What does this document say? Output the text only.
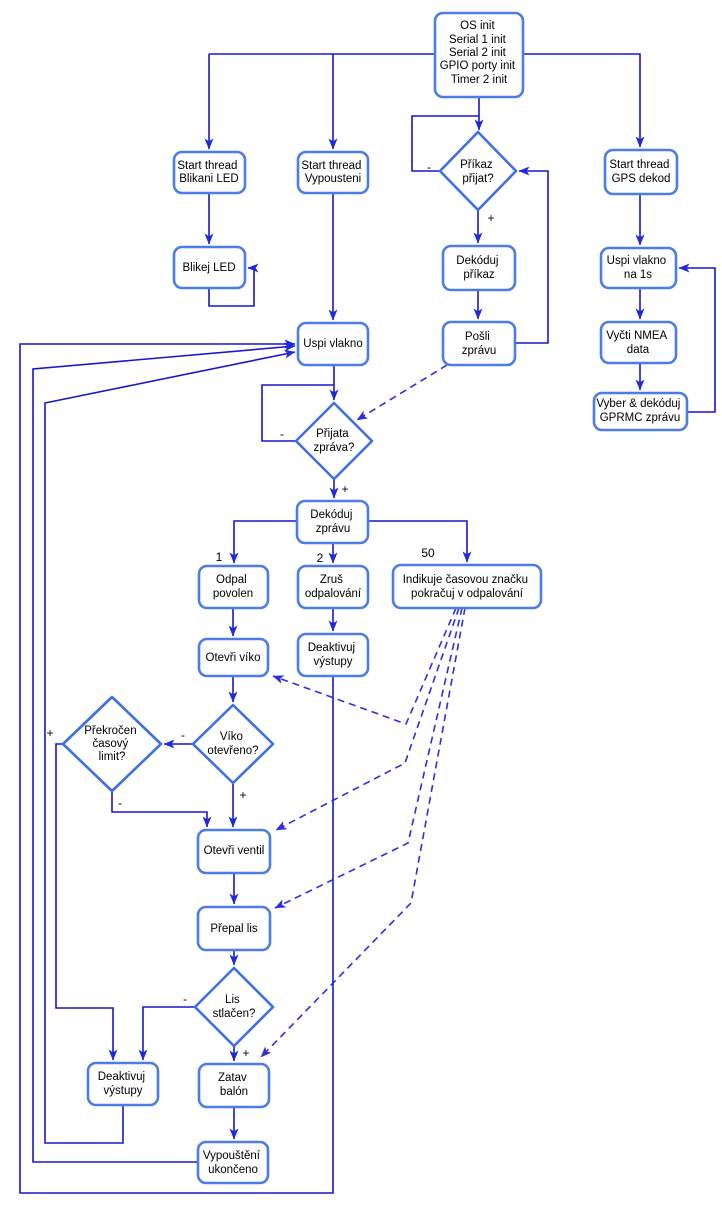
OS init Serial 1 init Serial 2 init GPIO porty init Timer 2 init
Start thread Blikani LED
Start thread Vypousteni
Start thread GPS dekod
Blikej LED
Dekóduj příkaz
Uspi vlakno
Pošli zprávu
Uspi vlakno na 1s
Vyčti NMEA data
Vyber & dekóduj GPRMC zprávu
Dekóduj zprávu
Odpal povolen
Zruš odpalování
Indikuje časovou značku pokračuj v odpalování
Otevři víko
Deaktivuj výstupy
Otevři ventil
Přepal lis
Deaktivuj výstupy
Zatav balón
Vypouštění ukončeno
Příkaz přijat?
Přijata zpráva?
Víko otevřeno?
Překročen časový limit?
Lis stlačen?
-
+
-
+
1	2	50
-
+
+
-
-
+
